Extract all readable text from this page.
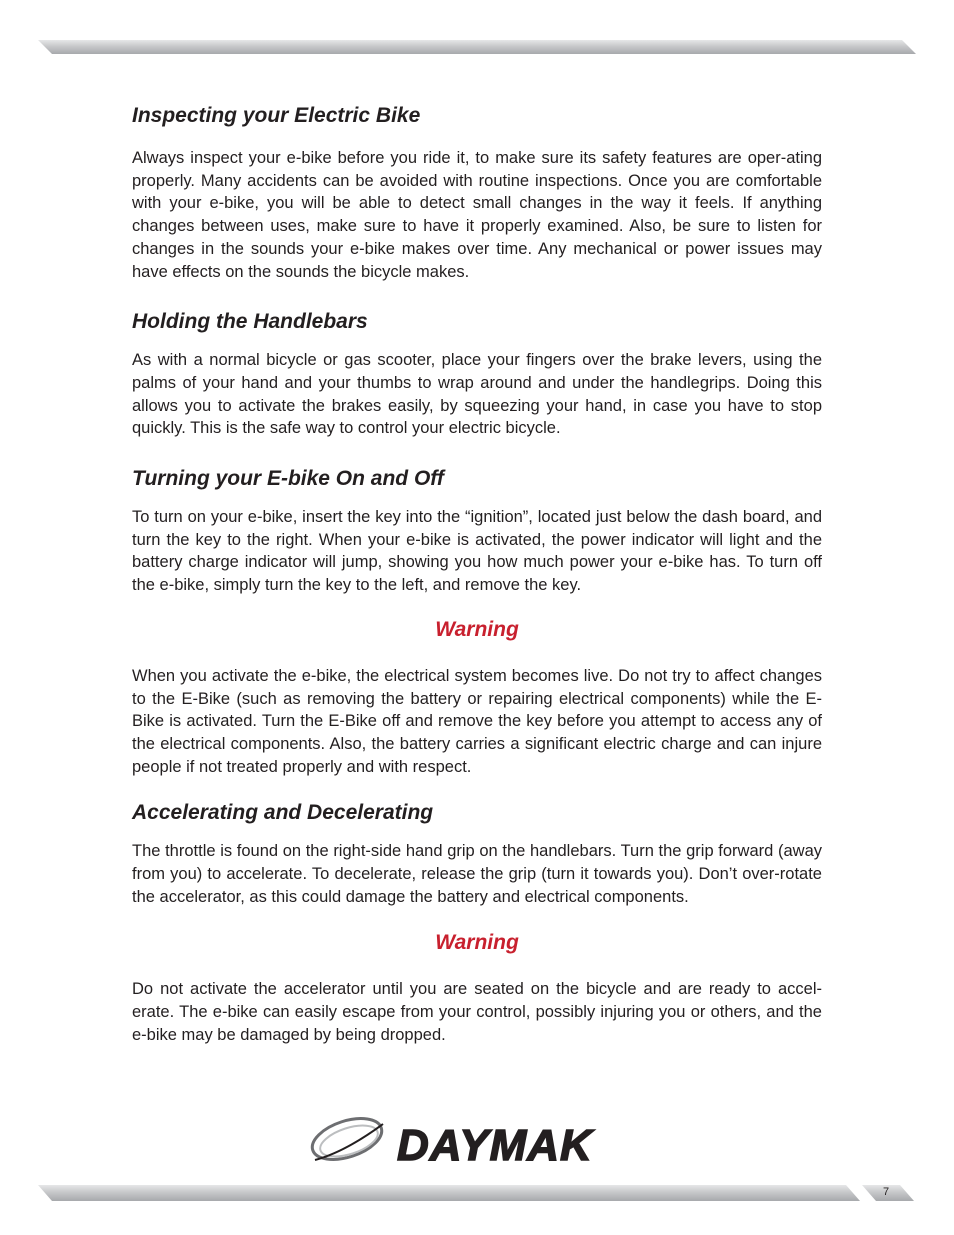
Inspecting your Electric Bike

Always inspect your e-bike before you ride it, to make sure its safety features are oper-ating properly. Many accidents can be avoided with routine inspections. Once you are comfortable with your e-bike, you will be able to detect small changes in the way it feels. If anything changes between uses, make sure to have it properly examined. Also, be sure to listen for changes in the sounds your e-bike makes over time. Any mechanical or power issues may have effects on the sounds the bicycle makes.

Holding the Handlebars

As with a normal bicycle or gas scooter, place your fingers over the brake levers, using the palms of your hand and your thumbs to wrap around and under the handlegrips. Doing this allows you to activate the brakes easily, by squeezing your hand, in case you have to stop quickly. This is the safe way to control your electric bicycle.

Turning your E-bike On and Off

To turn on your e-bike, insert the key into the “ignition”, located just below the dash board, and turn the key to the right. When your e-bike is activated, the power indicator will light and the battery charge indicator will jump, showing you how much power your e-bike has. To turn off the e-bike, simply turn the key to the left, and remove the key.

Warning

When you activate the e-bike, the electrical system becomes live. Do not try to affect changes to the E-Bike (such as removing the battery or repairing electrical components) while the E-Bike is activated. Turn the E-Bike off and remove the key before you attempt to access any of the electrical components. Also, the battery carries a significant electric charge and can injure people if not treated properly and with respect.

Accelerating and Decelerating

The throttle is found on the right-side hand grip on the handlebars. Turn the grip forward (away from you) to accelerate. To decelerate, release the grip (turn it towards you). Don’t over-rotate the accelerator, as this could damage the battery and electrical components.

Warning

Do not activate the accelerator until you are seated on the bicycle and are ready to accel-erate. The e-bike can easily escape from your control, possibly injuring you or others, and the e-bike may be damaged by being dropped.

DAYMAK
7
